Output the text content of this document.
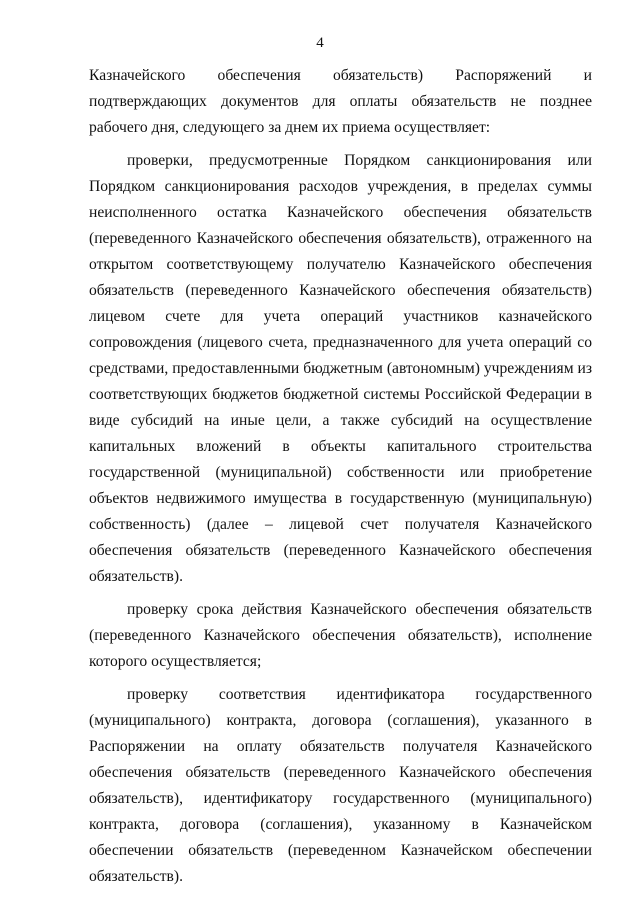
4

Казначейского обеспечения обязательств) Распоряжений и подтверждающих документов для оплаты обязательств не позднее рабочего дня, следующего за днем их приема осуществляет:

проверки, предусмотренные Порядком санкционирования или Порядком санкционирования расходов учреждения, в пределах суммы неисполненного остатка Казначейского обеспечения обязательств (переведенного Казначейского обеспечения обязательств), отраженного на открытом соответствующему получателю Казначейского обеспечения обязательств (переведенного Казначейского обеспечения обязательств) лицевом счете для учета операций участников казначейского сопровождения (лицевого счета, предназначенного для учета операций со средствами, предоставленными бюджетным (автономным) учреждениям из соответствующих бюджетов бюджетной системы Российской Федерации в виде субсидий на иные цели, а также субсидий на осуществление капитальных вложений в объекты капитального строительства государственной (муниципальной) собственности или приобретение объектов недвижимого имущества в государственную (муниципальную) собственность) (далее – лицевой счет получателя Казначейского обеспечения обязательств (переведенного Казначейского обеспечения обязательств).

проверку срока действия Казначейского обеспечения обязательств (переведенного Казначейского обеспечения обязательств), исполнение которого осуществляется;

проверку соответствия идентификатора государственного (муниципального) контракта, договора (соглашения), указанного в Распоряжении на оплату обязательств получателя Казначейского обеспечения обязательств (переведенного Казначейского обеспечения обязательств), идентификатору государственного (муниципального) контракта, договора (соглашения), указанному в Казначейском обеспечении обязательств (переведенном Казначейском обеспечении обязательств).
